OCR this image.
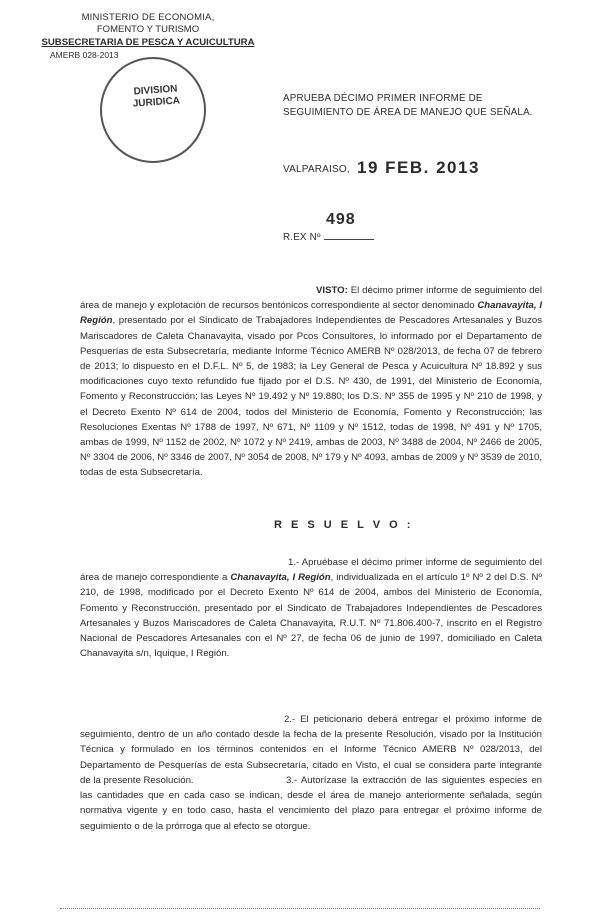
MINISTERIO DE ECONOMIA,
FOMENTO Y TURISMO
SUBSECRETARIA DE PESCA Y ACUICULTURA
AMERB 028-2013
DIVISION
JURIDICA	APRUEBA DÉCIMO PRIMER INFORME DE SEGUIMIENTO DE ÁREA DE MANEJO QUE SEÑALA.
VALPARAISO, 19 FEB. 2013
498
R.EX Nº
VISTO: El décimo primer informe de seguimiento del área de manejo y explotación de recursos bentónicos correspondiente al sector denominado Chanavayita, I Región, presentado por el Sindicato de Trabajadores Independientes de Pescadores Artesanales y Buzos Mariscadores de Caleta Chanavayita, visado por Pcos Consultores, lo informado por el Departamento de Pesquerías de esta Subsecretaría, mediante Informe Técnico AMERB Nº 028/2013, de fecha 07 de febrero de 2013; lo dispuesto en el D.F.L. Nº 5, de 1983; la Ley General de Pesca y Acuicultura Nº 18.892 y sus modificaciones cuyo texto refundido fue fijado por el D.S. Nº 430, de 1991, del Ministerio de Economía, Fomento y Reconstrucción; las Leyes Nº 19.492 y Nº 19.880; los D.S. Nº 355 de 1995 y Nº 210 de 1998, y el Decreto Exento Nº 614 de 2004, todos del Ministerio de Economía, Fomento y Reconstrucción; las Resoluciones Exentas Nº 1788 de 1997, Nº 671, Nº 1109 y Nº 1512, todas de 1998, Nº 491 y Nº 1705, ambas de 1999, Nº 1152 de 2002, Nº 1072 y Nº 2419, ambas de 2003, Nº 3488 de 2004, Nº 2466 de 2005, Nº 3304 de 2006, Nº 3346 de 2007, Nº 3054 de 2008, Nº 179 y Nº 4093, ambas de 2009 y Nº 3539 de 2010, todas de esta Subsecretaría.
R E S U E L V O :
1.- Apruébase el décimo primer informe de seguimiento del área de manejo correspondiente a Chanavayita, I Región, individualizada en el artículo 1º Nº 2 del D.S. Nº 210, de 1998, modificado por el Decreto Exento Nº 614 de 2004, ambos del Ministerio de Economía, Fomento y Reconstrucción, presentado por el Sindicato de Trabajadores Independientes de Pescadores Artesanales y Buzos Mariscadores de Caleta Chanavayita, R.U.T. Nº 71.806.400-7, inscrito en el Registro Nacional de Pescadores Artesanales con el Nº 27, de fecha 06 de junio de 1997, domiciliado en Caleta Chanavayita s/n, Iquique, I Región.
2.- El peticionario deberá entregar el próximo informe de seguimiento, dentro de un año contado desde la fecha de la presente Resolución, visado por la Institución Técnica y formulado en los términos contenidos en el Informe Técnico AMERB Nº 028/2013, del Departamento de Pesquerías de esta Subsecretaría, citado en Visto, el cual se considera parte integrante de la presente Resolución.	3.- Autorízase la extracción de las siguientes especies en las cantidades que en cada caso se indican, desde el área de manejo anteriormente señalada, según normativa vigente y en todo caso, hasta el vencimiento del plazo para entregar el próximo informe de seguimiento o de la prórroga que al efecto se otorgue.
